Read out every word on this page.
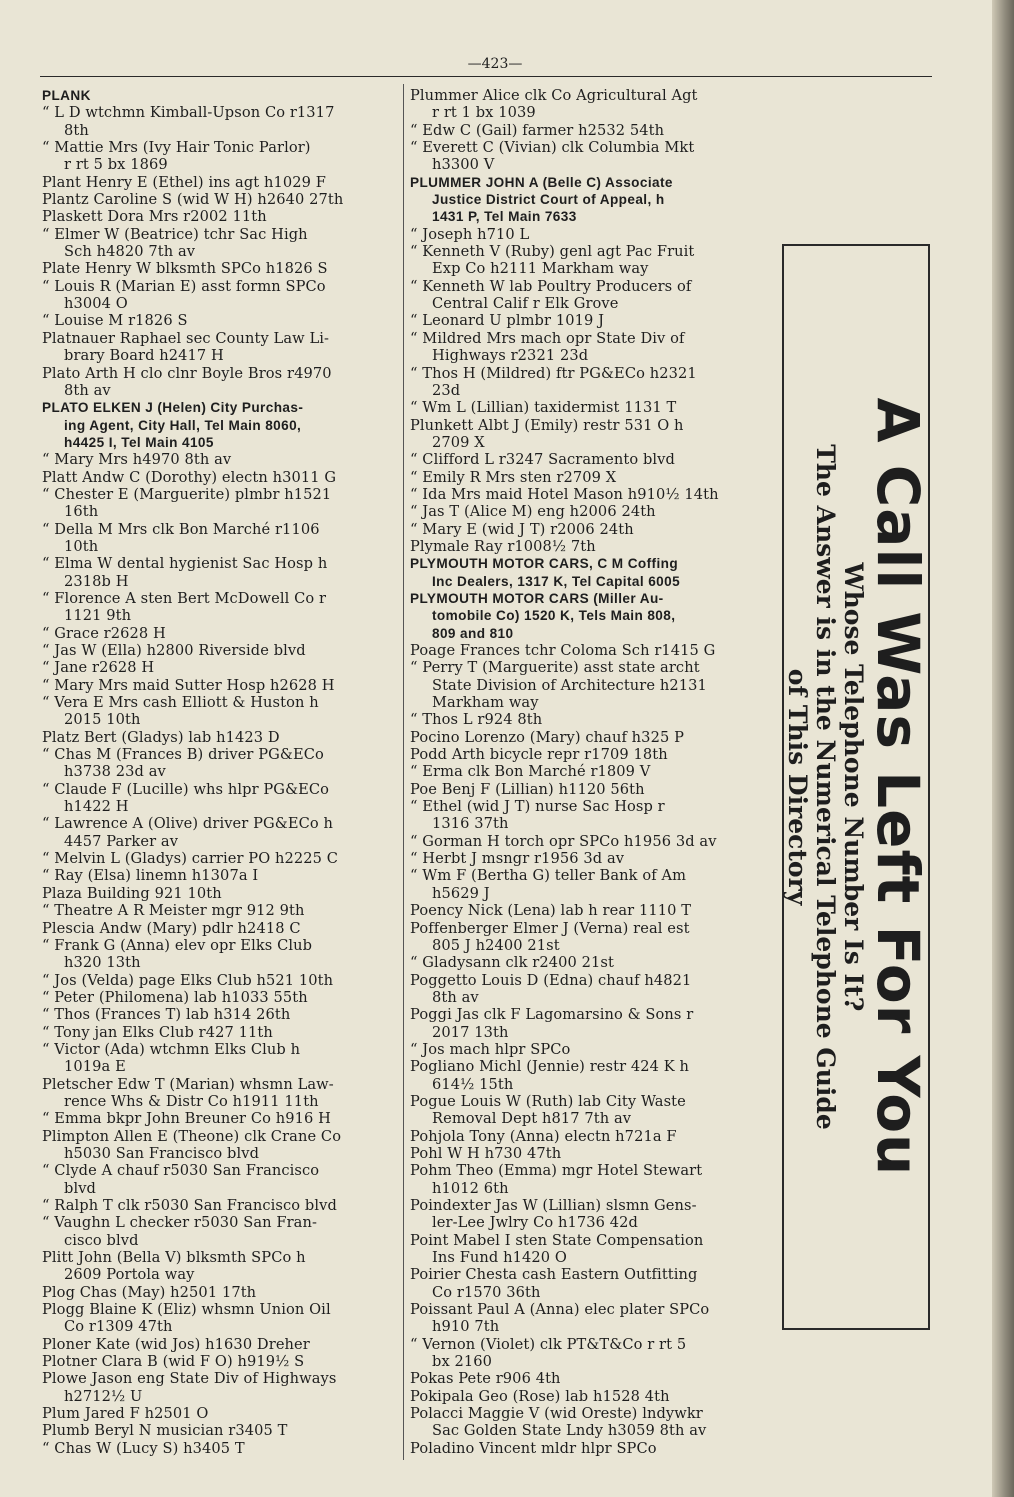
—423—
PLANK
“ L D wtchmn Kimball-Upson Co r1317
8th
“ Mattie Mrs (Ivy Hair Tonic Parlor)
r rt 5 bx 1869
Plant Henry E (Ethel) ins agt h1029 F
Plantz Caroline S (wid W H) h2640 27th
Plaskett Dora Mrs r2002 11th
“ Elmer W (Beatrice) tchr Sac High
Sch h4820 7th av
Plate Henry W blksmth SPCo h1826 S
“ Louis R (Marian E) asst formn SPCo
h3004 O
“ Louise M r1826 S
Platnauer Raphael sec County Law Li-
brary Board h2417 H
Plato Arth H clo clnr Boyle Bros r4970
8th av
PLATO ELKEN J (Helen) City Purchas-
ing Agent, City Hall, Tel Main 8060,
h4425 I, Tel Main 4105
“ Mary Mrs h4970 8th av
Platt Andw C (Dorothy) electn h3011 G
“ Chester E (Marguerite) plmbr h1521
16th
“ Della M Mrs clk Bon Marché r1106
10th
“ Elma W dental hygienist Sac Hosp h
2318b H
“ Florence A sten Bert McDowell Co r
1121 9th
“ Grace r2628 H
“ Jas W (Ella) h2800 Riverside blvd
“ Jane r2628 H
“ Mary Mrs maid Sutter Hosp h2628 H
“ Vera E Mrs cash Elliott & Huston h
2015 10th
Platz Bert (Gladys) lab h1423 D
“ Chas M (Frances B) driver PG&ECo
h3738 23d av
“ Claude F (Lucille) whs hlpr PG&ECo
h1422 H
“ Lawrence A (Olive) driver PG&ECo h
4457 Parker av
“ Melvin L (Gladys) carrier PO h2225 C
“ Ray (Elsa) linemn h1307a I
Plaza Building 921 10th
“ Theatre A R Meister mgr 912 9th
Plescia Andw (Mary) pdlr h2418 C
“ Frank G (Anna) elev opr Elks Club
h320 13th
“ Jos (Velda) page Elks Club h521 10th
“ Peter (Philomena) lab h1033 55th
“ Thos (Frances T) lab h314 26th
“ Tony jan Elks Club r427 11th
“ Victor (Ada) wtchmn Elks Club h
1019a E
Pletscher Edw T (Marian) whsmn Law-
rence Whs & Distr Co h1911 11th
“ Emma bkpr John Breuner Co h916 H
Plimpton Allen E (Theone) clk Crane Co
h5030 San Francisco blvd
“ Clyde A chauf r5030 San Francisco
blvd
“ Ralph T clk r5030 San Francisco blvd
“ Vaughn L checker r5030 San Fran-
cisco blvd
Plitt John (Bella V) blksmth SPCo h
2609 Portola way
Plog Chas (May) h2501 17th
Plogg Blaine K (Eliz) whsmn Union Oil
Co r1309 47th
Ploner Kate (wid Jos) h1630 Dreher
Plotner Clara B (wid F O) h919½ S
Plowe Jason eng State Div of Highways
h2712½ U
Plum Jared F h2501 O
Plumb Beryl N musician r3405 T
“ Chas W (Lucy S) h3405 T
Plummer Alice clk Co Agricultural Agt
r rt 1 bx 1039
“ Edw C (Gail) farmer h2532 54th
“ Everett C (Vivian) clk Columbia Mkt
h3300 V
PLUMMER JOHN A (Belle C) Associate
Justice District Court of Appeal, h
1431 P, Tel Main 7633
“ Joseph h710 L
“ Kenneth V (Ruby) genl agt Pac Fruit
Exp Co h2111 Markham way
“ Kenneth W lab Poultry Producers of
Central Calif r Elk Grove
“ Leonard U plmbr 1019 J
“ Mildred Mrs mach opr State Div of
Highways r2321 23d
“ Thos H (Mildred) ftr PG&ECo h2321
23d
“ Wm L (Lillian) taxidermist 1131 T
Plunkett Albt J (Emily) restr 531 O h
2709 X
“ Clifford L r3247 Sacramento blvd
“ Emily R Mrs sten r2709 X
“ Ida Mrs maid Hotel Mason h910½ 14th
“ Jas T (Alice M) eng h2006 24th
“ Mary E (wid J T) r2006 24th
Plymale Ray r1008½ 7th
PLYMOUTH MOTOR CARS, C M Coffing
Inc Dealers, 1317 K, Tel Capital 6005
PLYMOUTH MOTOR CARS (Miller Au-
tomobile Co) 1520 K, Tels Main 808,
809 and 810
Poage Frances tchr Coloma Sch r1415 G
“ Perry T (Marguerite) asst state archt
State Division of Architecture h2131
Markham way
“ Thos L r924 8th
Pocino Lorenzo (Mary) chauf h325 P
Podd Arth bicycle repr r1709 18th
“ Erma clk Bon Marché r1809 V
Poe Benj F (Lillian) h1120 56th
“ Ethel (wid J T) nurse Sac Hosp r
1316 37th
“ Gorman H torch opr SPCo h1956 3d av
“ Herbt J msngr r1956 3d av
“ Wm F (Bertha G) teller Bank of Am
h5629 J
Poency Nick (Lena) lab h rear 1110 T
Poffenberger Elmer J (Verna) real est
805 J h2400 21st
“ Gladysann clk r2400 21st
Poggetto Louis D (Edna) chauf h4821
8th av
Poggi Jas clk F Lagomarsino & Sons r
2017 13th
“ Jos mach hlpr SPCo
Pogliano Michl (Jennie) restr 424 K h
614½ 15th
Pogue Louis W (Ruth) lab City Waste
Removal Dept h817 7th av
Pohjola Tony (Anna) electn h721a F
Pohl W H h730 47th
Pohm Theo (Emma) mgr Hotel Stewart
h1012 6th
Poindexter Jas W (Lillian) slsmn Gens-
ler-Lee Jwlry Co h1736 42d
Point Mabel I sten State Compensation
Ins Fund h1420 O
Poirier Chesta cash Eastern Outfitting
Co r1570 36th
Poissant Paul A (Anna) elec plater SPCo
h910 7th
“ Vernon (Violet) clk PT&T&Co r rt 5
bx 2160
Pokas Pete r906 4th
Pokipala Geo (Rose) lab h1528 4th
Polacci Maggie V (wid Oreste) lndywkr
Sac Golden State Lndy h3059 8th av
Poladino Vincent mldr hlpr SPCo
A Call Was Left For You
Whose Telephone Number Is It?
The Answer is in the Numerical Telephone Guide
of This Directory
